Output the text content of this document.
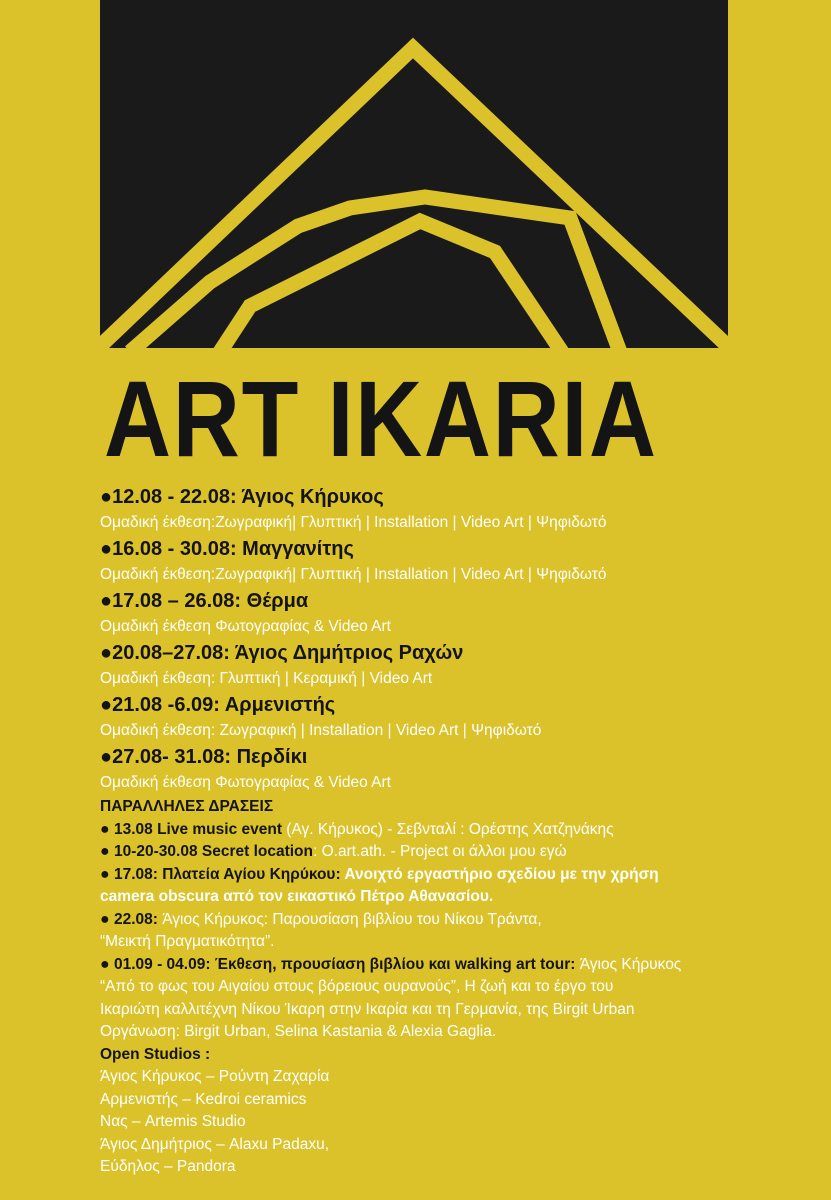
ART IKARIA
●12.08 - 22.08: Άγιος Κήρυκος
Ομαδική έκθεση:Ζωγραφική| Γλυπτική | Installation | Video Art | Ψηφιδωτό
●16.08 - 30.08: Μαγγανίτης
Ομαδική έκθεση:Ζωγραφική| Γλυπτική | Installation | Video Art | Ψηφιδωτό
●17.08 – 26.08: Θέρμα
Ομαδική έκθεση Φωτογραφίας & Video Art
●20.08–27.08: Άγιος Δημήτριος Ραχών
Ομαδική έκθεση: Γλυπτική | Κεραμική | Video Art
●21.08 -6.09: Αρμενιστής
Ομαδική έκθεση: Ζωγραφική | Installation | Video Art | Ψηφιδωτό
●27.08- 31.08: Περδίκι
Ομαδική έκθεση Φωτογραφίας & Video Art
ΠΑΡΑΛΛΗΛΕΣ ΔΡΑΣΕΙΣ
● 13.08 Live music event (Αγ. Κήρυκος) - Σεβνταλί : Ορέστης Χατζηνάκης
● 10-20-30.08 Secret location: O.art.ath. - Project οι άλλοι μου εγώ
● 17.08: Πλατεία Αγίου Κηρύκου: Ανοιχτό εργαστήριο σχεδίου με την χρήση
camera obscura από τον εικαστικό Πέτρο Αθανασίου.
● 22.08: Άγιος Κήρυκος: Παρουσίαση βιβλίου του Νίκου Τράντα,
“Μεικτή Πραγματικότητα”.
● 01.09 - 04.09: Έκθεση, προυσίαση βιβλίου και walking art tour: Άγιος Κήρυκος
“Από το φως του Αιγαίου στους βόρειους ουρανούς”, Η ζωή και το έργο του
Ικαριώτη καλλιτέχνη Νίκου Ίκαρη στην Ικαρία και τη Γερμανία, της Birgit Urban
Οργάνωση: Birgit Urban, Selina Kastania & Alexia Gaglia.
Open Studios :
Άγιος Κήρυκος – Ρούντη Ζαχαρία
Αρμενιστής – Kedroi ceramics
Νας – Artemis Studio
Άγιος Δημήτριος – Alaxu Padaxu,
Εύδηλος – Pandora
